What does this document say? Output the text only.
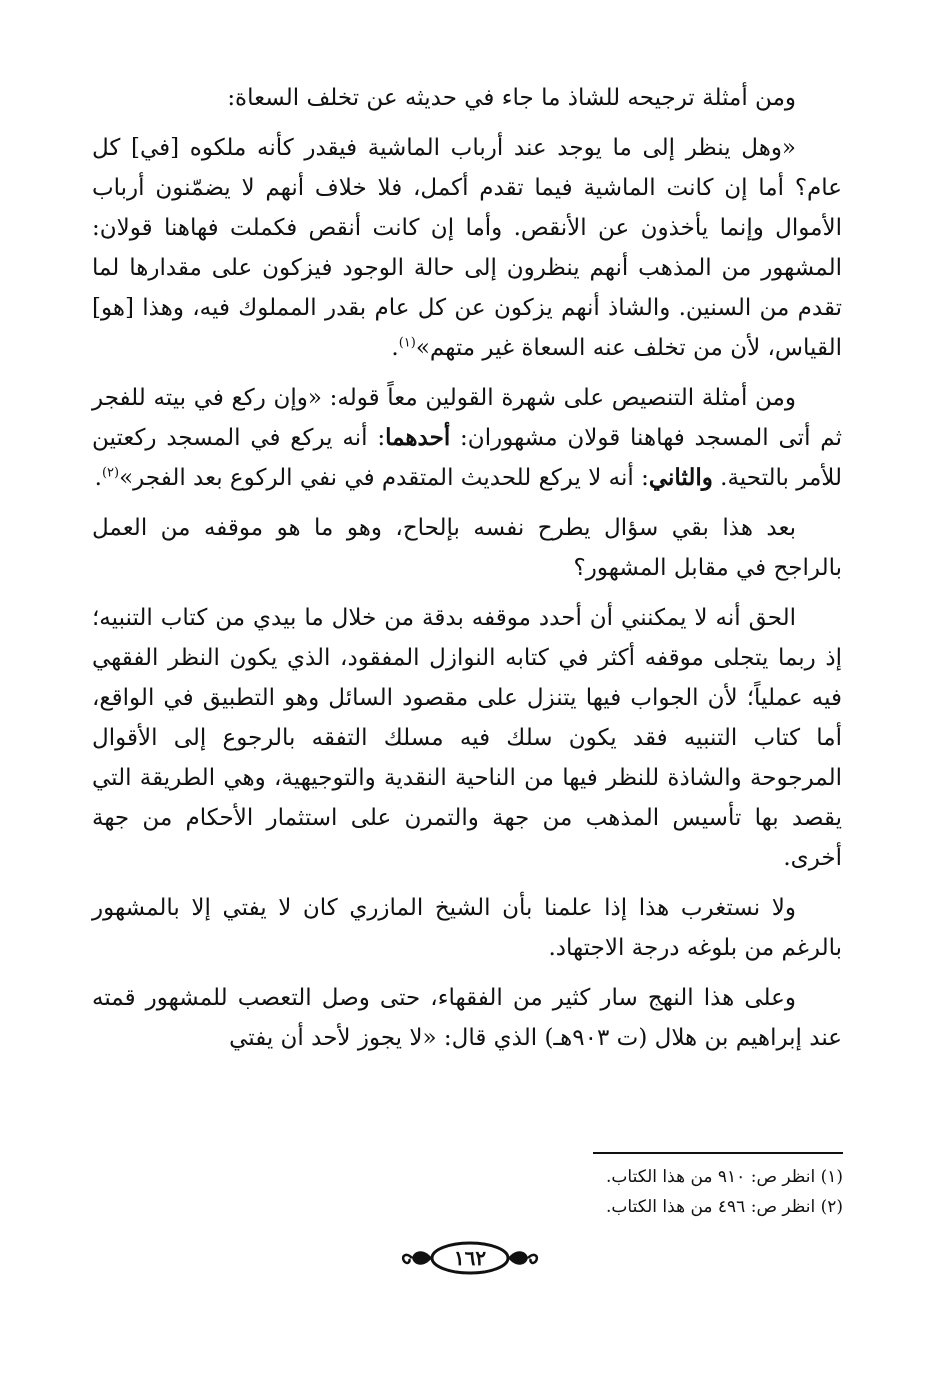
ومن أمثلة ترجيحه للشاذ ما جاء في حديثه عن تخلف السعاة:

«وهل ينظر إلى ما يوجد عند أرباب الماشية فيقدر كأنه ملكوه [في] كل عام؟ أما إن كانت الماشية فيما تقدم أكمل، فلا خلاف أنهم لا يضمّنون أرباب الأموال وإنما يأخذون عن الأنقص. وأما إن كانت أنقص فكملت فهاهنا قولان: المشهور من المذهب أنهم ينظرون إلى حالة الوجود فيزكون على مقدارها لما تقدم من السنين. والشاذ أنهم يزكون عن كل عام بقدر المملوك فيه، وهذا [هو] القياس، لأن من تخلف عنه السعاة غير متهم»$^{(١)}$.

ومن أمثلة التنصيص على شهرة القولين معاً قوله: «وإن ركع في بيته للفجر ثم أتى المسجد فهاهنا قولان مشهوران: أحدهما: أنه يركع في المسجد ركعتين للأمر بالتحية. والثاني: أنه لا يركع للحديث المتقدم في نفي الركوع بعد الفجر»$^{(٢)}$.

بعد هذا بقي سؤال يطرح نفسه بإلحاح، وهو ما هو موقفه من العمل بالراجح في مقابل المشهور؟

الحق أنه لا يمكنني أن أحدد موقفه بدقة من خلال ما بيدي من كتاب التنبيه؛ إذ ربما يتجلى موقفه أكثر في كتابه النوازل المفقود، الذي يكون النظر الفقهي فيه عملياً؛ لأن الجواب فيها يتنزل على مقصود السائل وهو التطبيق في الواقع، أما كتاب التنبيه فقد يكون سلك فيه مسلك التفقه بالرجوع إلى الأقوال المرجوحة والشاذة للنظر فيها من الناحية النقدية والتوجيهية، وهي الطريقة التي يقصد بها تأسيس المذهب من جهة والتمرن على استثمار الأحكام من جهة أخرى.

ولا نستغرب هذا إذا علمنا بأن الشيخ المازري كان لا يفتي إلا بالمشهور بالرغم من بلوغه درجة الاجتهاد.

وعلى هذا النهج سار كثير من الفقهاء، حتى وصل التعصب للمشهور قمته عند إبراهيم بن هلال (ت ٩٠٣هـ) الذي قال: «لا يجوز لأحد أن يفتي

(١) انظر ص: ٩١٠ من هذا الكتاب.
(٢) انظر ص: ٤٩٦ من هذا الكتاب.
١٦٢
